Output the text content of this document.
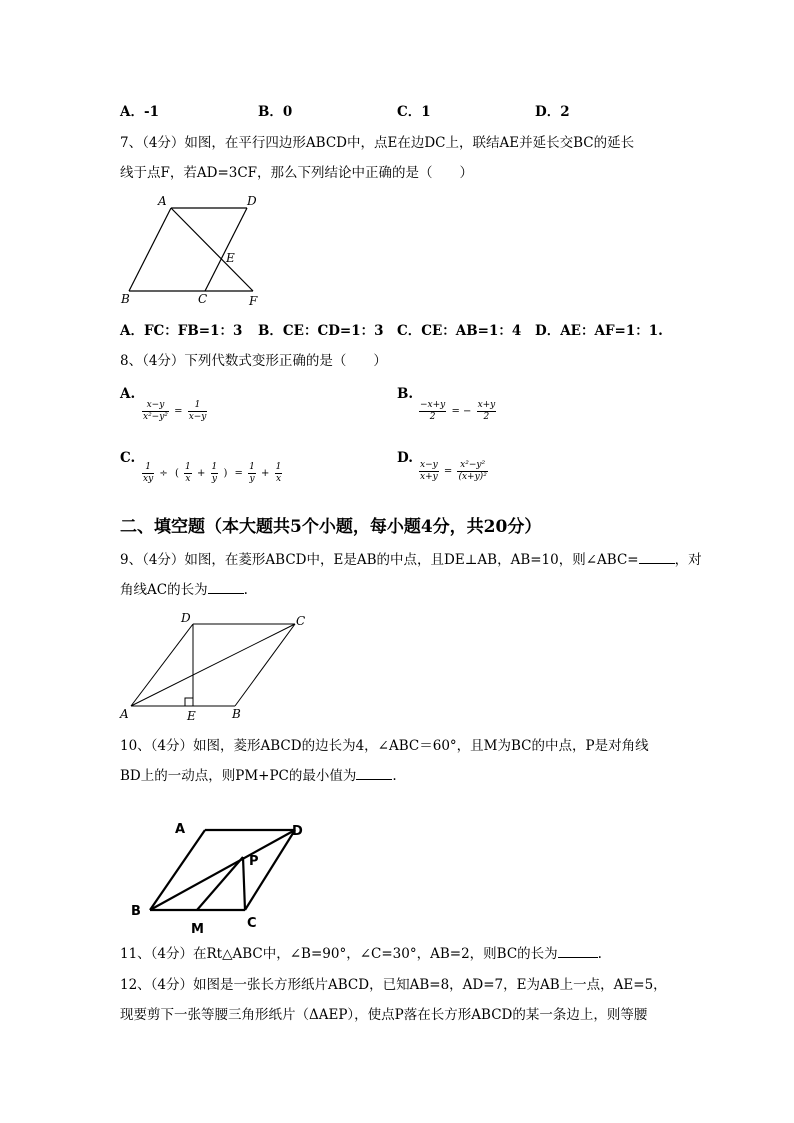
A．-1	B．0	C．1	D．2
7、（4分）如图，在平行四边形ABCD中，点E在边DC上，联结AE并延长交BC的延长
线于点F，若AD=3CF，那么下列结论中正确的是（　　）
A	D
E
B	C	F
A．FC：FB=1：3 B．CE：CD=1：3 C．CE：AB=1：4 D．AE：AF=1：1.
8、（4分）下列代数式变形正确的是（　　）
A.
$\frac{x-y}{\text{x²−y²}} = \frac{1}{x-y}$
B.
$\frac{-x+y}{2}$ = − $\frac{x+y}{2}$
C.
$\frac{1}{xy}$ ÷ ( $\frac{1}{x} + \frac{1}{y}$ ) = $\frac{1}{y} + \frac{1}{x}$
D.
$\frac{x-y}{x+y} = \frac{\text{x²−y²}}{\text{(x+y)²}}$
二、填空题（本大题共5个小题，每小题4分，共20分）
9、（4分）如图，在菱形ABCD中，E是AB的中点，且DE⊥AB，AB=10，则∠ABC=	，对
角线AC的长为	.
D	C
A	E	B
10、（4分）如图，菱形ABCD的边长为4，∠ABC＝60°，且M为BC的中点，P是对角线
BD上的一动点，则PM+PC的最小值为	.
A	D
P
B
M	C
11、（4分）在Rt△ABC中，∠B=90°，∠C=30°，AB=2，则BC的长为	.
12、（4分）如图是一张长方形纸片ABCD，已知AB=8，AD=7，E为AB上一点，AE=5，
现要剪下一张等腰三角形纸片（ΔAEP），使点P落在长方形ABCD的某一条边上，则等腰
